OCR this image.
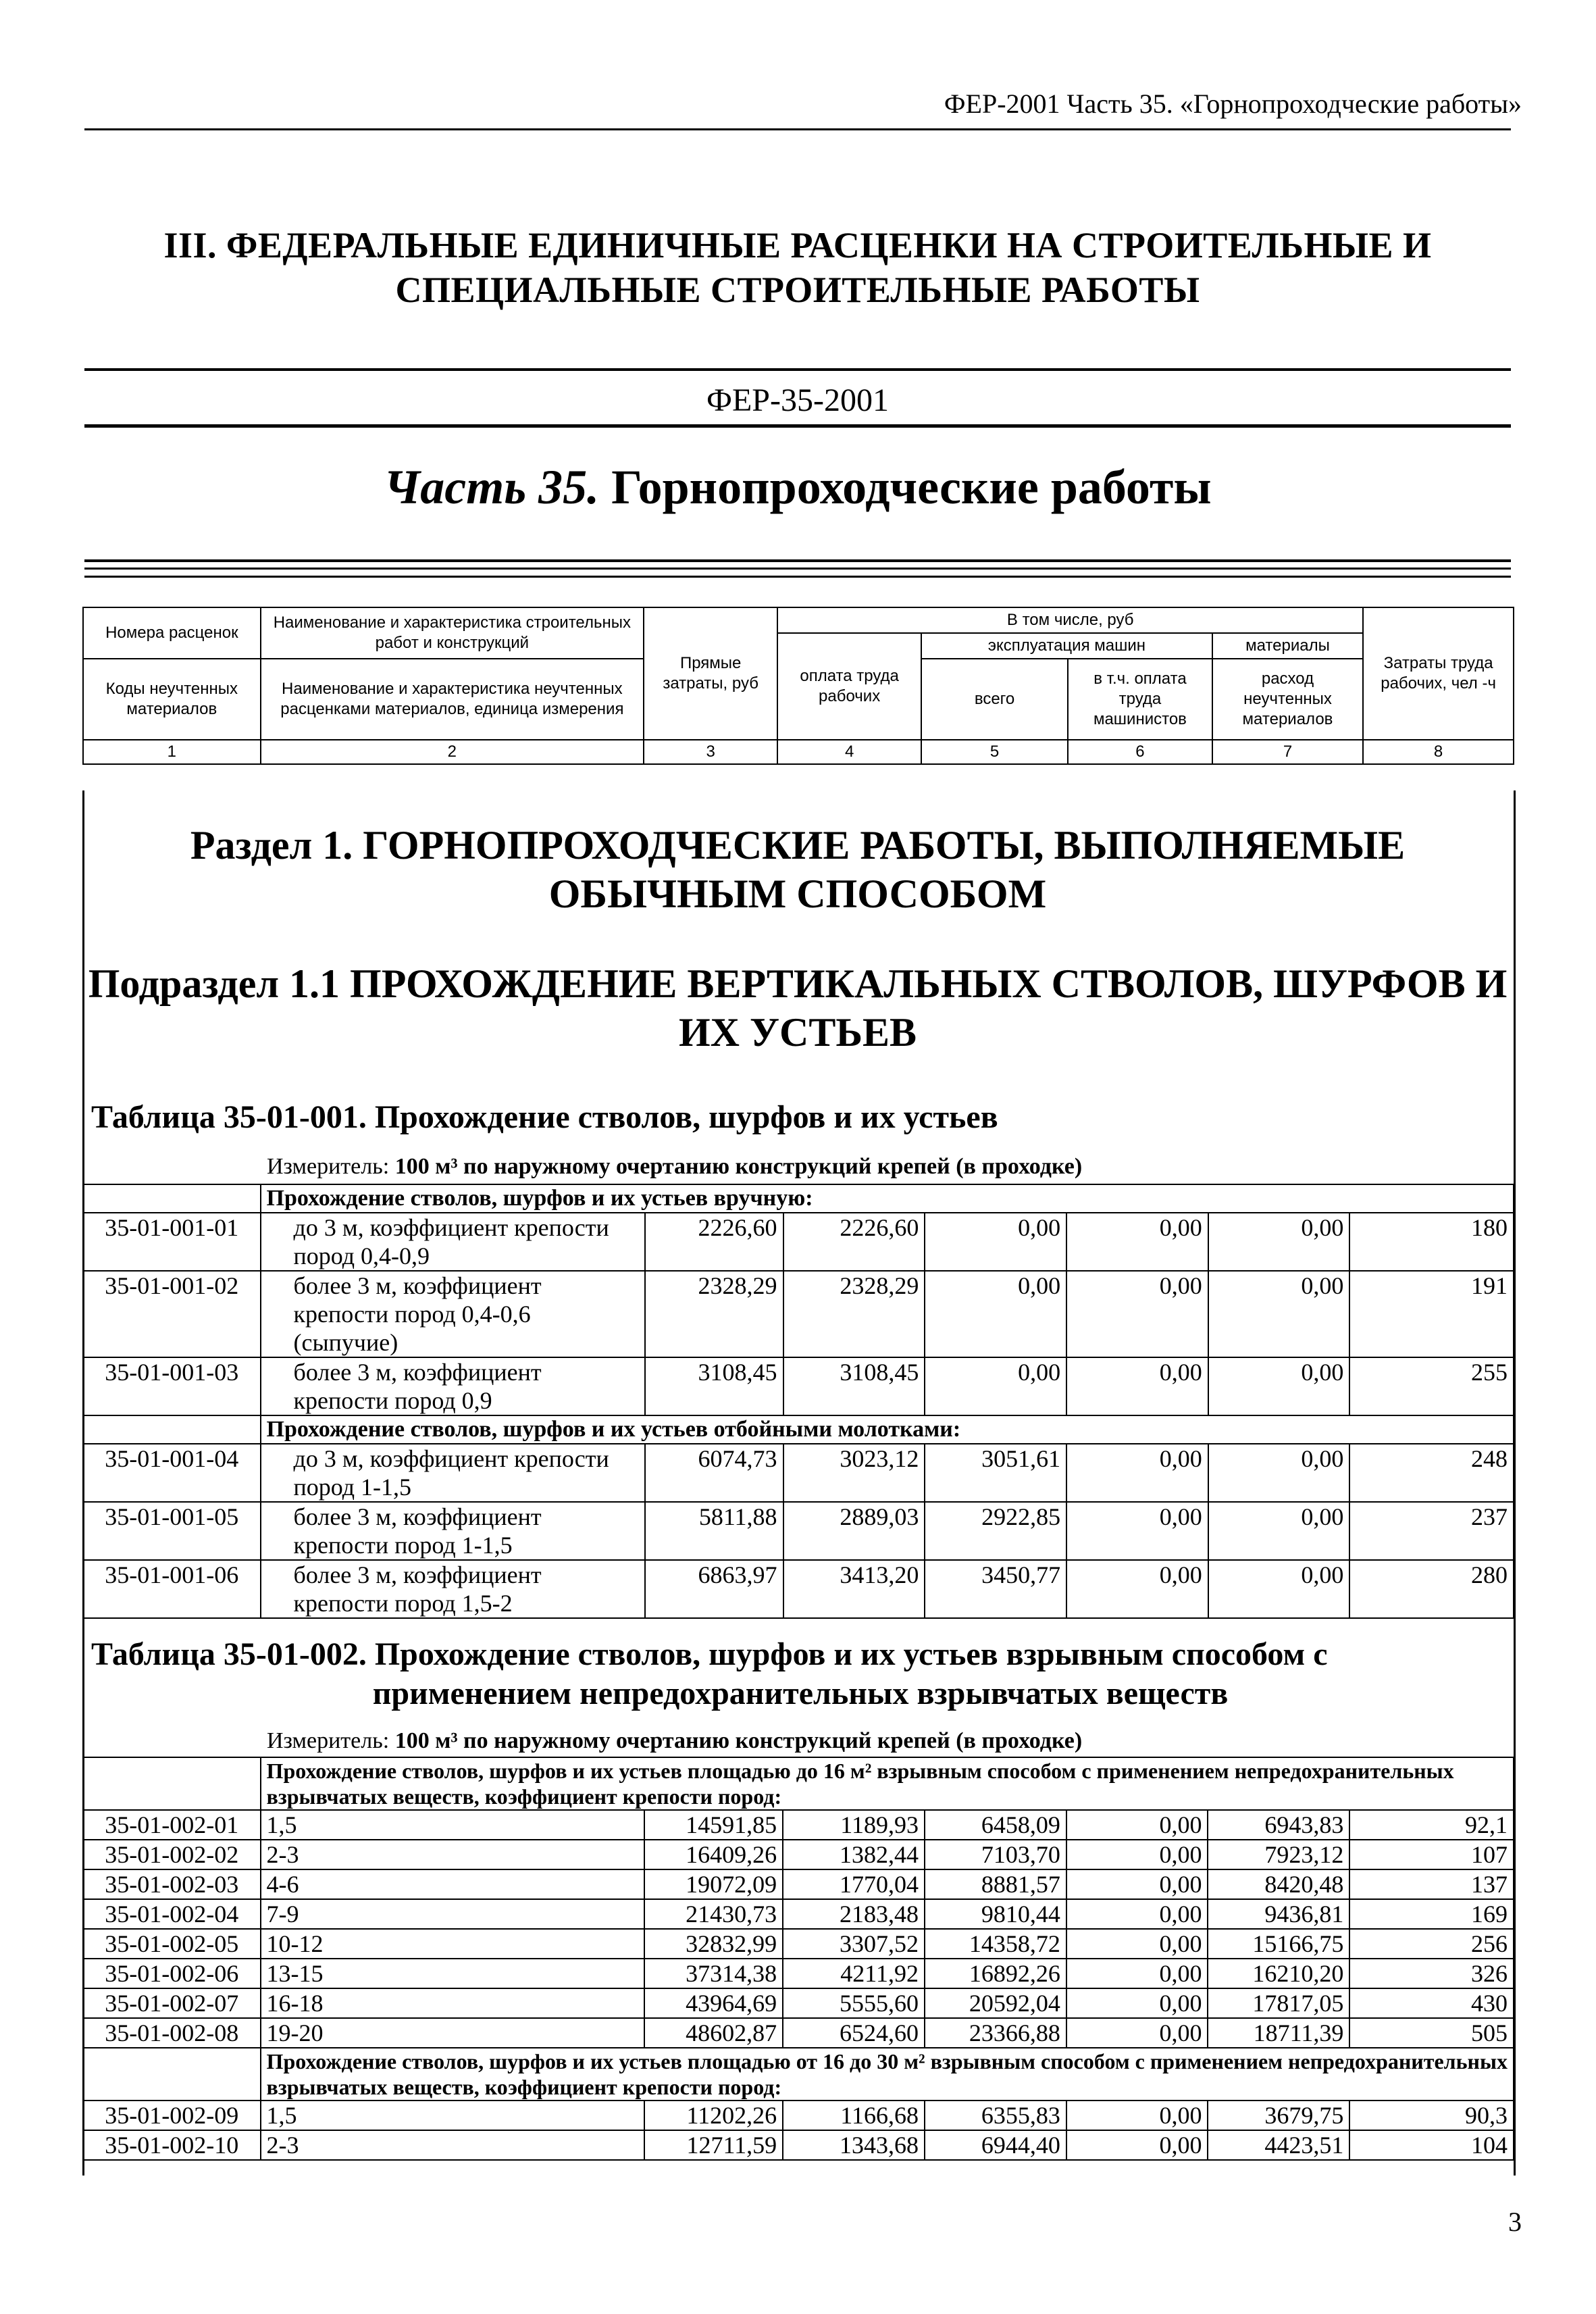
ФЕР-2001 Часть 35. «Горнопроходческие работы»
III. ФЕДЕРАЛЬНЫЕ ЕДИНИЧНЫЕ РАСЦЕНКИ НА СТРОИТЕЛЬНЫЕ И
СПЕЦИАЛЬНЫЕ СТРОИТЕЛЬНЫЕ РАБОТЫ
ФЕР-35-2001
Часть 35. Горнопроходческие работы
Номера расценок	Наименование и характеристика строительных работ и конструкций	Прямые затраты, руб	В том числе, руб				Затраты труда рабочих, чел -ч
			оплата труда рабочих	эксплуатация машин		материалы	
Коды неучтенных материалов	Наименование и характеристика неучтенных расценками материалов, единица измерения			всего	в т.ч. оплата труда машинистов	расход неучтенных материалов	

1	2	3	4	5	6	7	8
Раздел 1. ГОРНОПРОХОДЧЕСКИЕ РАБОТЫ, ВЫПОЛНЯЕМЫЕ
ОБЫЧНЫМ СПОСОБОМ
Подраздел 1.1 ПРОХОЖДЕНИЕ ВЕРТИКАЛЬНЫХ СТВОЛОВ, ШУРФОВ И
ИХ УСТЬЕВ
Таблица 35-01-001. Прохождение стволов, шурфов и их устьев
Измеритель: 100 м³ по наружному очертанию конструкций крепей (в проходке)
	Прохождение стволов, шурфов и их устьев вручную:						
35-01-001-01	до 3 м, коэффициент крепости пород 0,4-0,9	2226,60	2226,60	0,00	0,00	0,00	180
35-01-001-02	более 3 м, коэффициент крепости пород 0,4-0,6 (сыпучие)	2328,29	2328,29	0,00	0,00	0,00	191
35-01-001-03	более 3 м, коэффициент крепости пород 0,9	3108,45	3108,45	0,00	0,00	0,00	255
	Прохождение стволов, шурфов и их устьев отбойными молотками:						
35-01-001-04	до 3 м, коэффициент крепости пород 1-1,5	6074,73	3023,12	3051,61	0,00	0,00	248
35-01-001-05	более 3 м, коэффициент крепости пород 1-1,5	5811,88	2889,03	2922,85	0,00	0,00	237
35-01-001-06	более 3 м, коэффициент крепости пород 1,5-2	6863,97	3413,20	3450,77	0,00	0,00	280
Таблица 35-01-002. Прохождение стволов, шурфов и их устьев взрывным способом с
применением непредохранительных взрывчатых веществ
Измеритель: 100 м³ по наружному очертанию конструкций крепей (в проходке)
	Прохождение стволов, шурфов и их устьев площадью до 16 м² взрывным способом с применением непредохранительных взрывчатых веществ, коэффициент крепости пород:						
35-01-002-01	1,5	14591,85	1189,93	6458,09	0,00	6943,83	92,1
35-01-002-02	2-3	16409,26	1382,44	7103,70	0,00	7923,12	107
35-01-002-03	4-6	19072,09	1770,04	8881,57	0,00	8420,48	137
35-01-002-04	7-9	21430,73	2183,48	9810,44	0,00	9436,81	169
35-01-002-05	10-12	32832,99	3307,52	14358,72	0,00	15166,75	256
35-01-002-06	13-15	37314,38	4211,92	16892,26	0,00	16210,20	326
35-01-002-07	16-18	43964,69	5555,60	20592,04	0,00	17817,05	430
35-01-002-08	19-20	48602,87	6524,60	23366,88	0,00	18711,39	505
	Прохождение стволов, шурфов и их устьев площадью от 16 до 30 м² взрывным способом с применением непредохранительных взрывчатых веществ, коэффициент крепости пород:						
35-01-002-09	1,5	11202,26	1166,68	6355,83	0,00	3679,75	90,3
35-01-002-10	2-3	12711,59	1343,68	6944,40	0,00	4423,51	104
3
